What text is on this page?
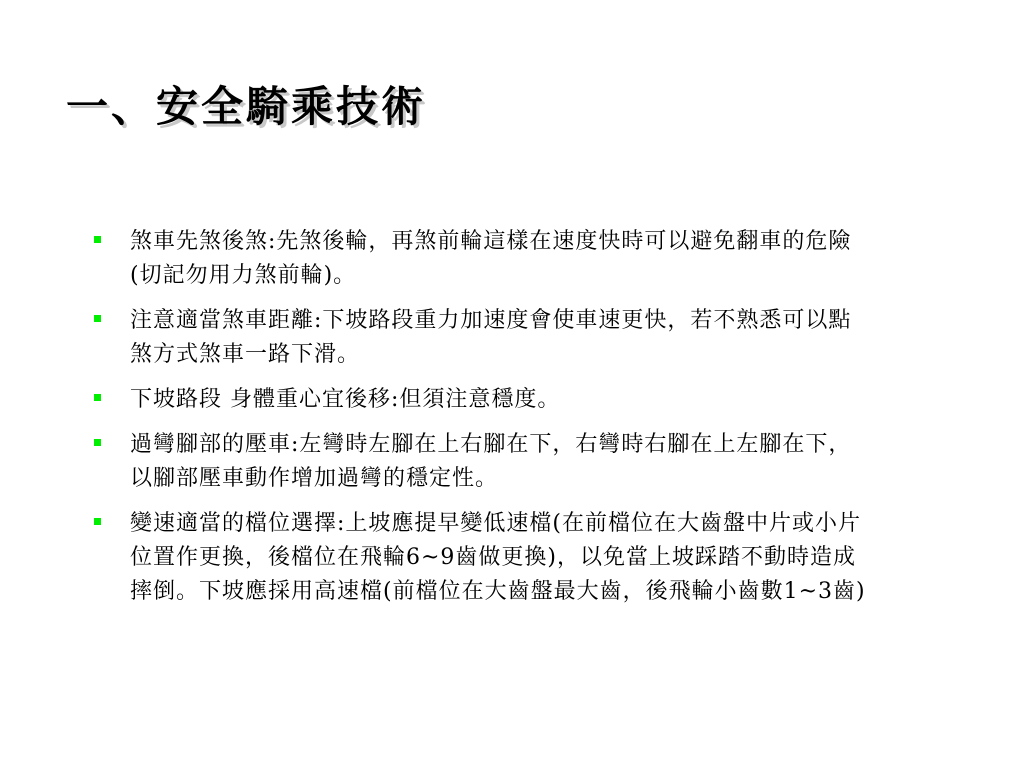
一、安全騎乘技術
煞車先煞後煞:先煞後輪，再煞前輪這樣在速度快時可以避免翻車的危險(切記勿用力煞前輪)。
注意適當煞車距離:下坡路段重力加速度會使車速更快，若不熟悉可以點煞方式煞車一路下滑。
下坡路段 身體重心宜後移:但須注意穩度。
過彎腳部的壓車:左彎時左腳在上右腳在下，右彎時右腳在上左腳在下，以腳部壓車動作增加過彎的穩定性。
變速適當的檔位選擇:上坡應提早變低速檔(在前檔位在大齒盤中片或小片位置作更換，後檔位在飛輪6~9齒做更換)，以免當上坡踩踏不動時造成摔倒。下坡應採用高速檔(前檔位在大齒盤最大齒，後飛輪小齒數1~3齒)
